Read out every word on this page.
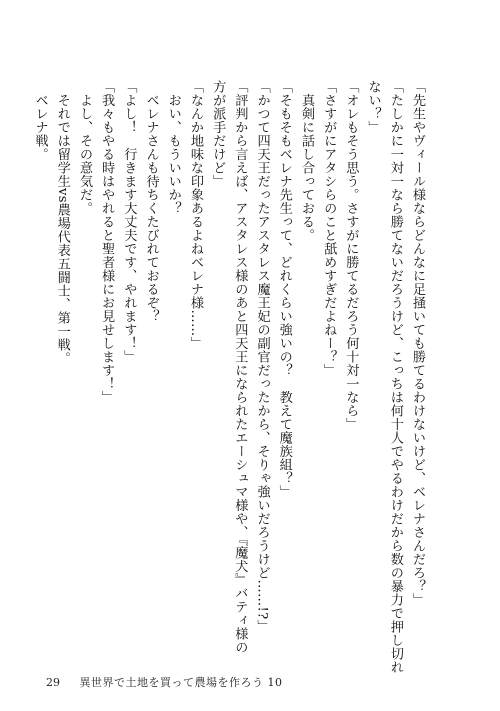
「先生やヴィール様ならどんなに足掻いても勝てるわけないけど、ベレナさんだろ？」
「たしかに一対一なら勝てないだろうけど、こっちは何十人でやるわけだから数の暴力で押し切れ
ない？」
「オレもそう思う。さすがに勝てるだろう何十対一なら」
「さすがにアタシらのこと舐めすぎだよねー？」
　真剣に話し合っておる。
「そもそもベレナ先生って、どれくらい強いの？　教えて魔族組？」
「かつて四天王だったアスタレス魔王妃の副官だったから、そりゃ強いだろうけど……!?」
「評判から言えば、アスタレス様のあと四天王になられたエーシュマ様や、『魔犬』バティ様の
方が派手だけど」
「なんか地味な印象あるよねベレナ様……」
　おい、もういいか？
　ベレナさんも待ちくたびれておるぞ？
「よし！　行きます大丈夫です、やれます！」
「我々もやる時はやれると聖者様にお見せします！」
　よし、その意気だ。
　それでは留学生vs農場代表五闘士、第一戦。
　ベレナ戦。
29 異世界で土地を買って農場を作ろう 10
